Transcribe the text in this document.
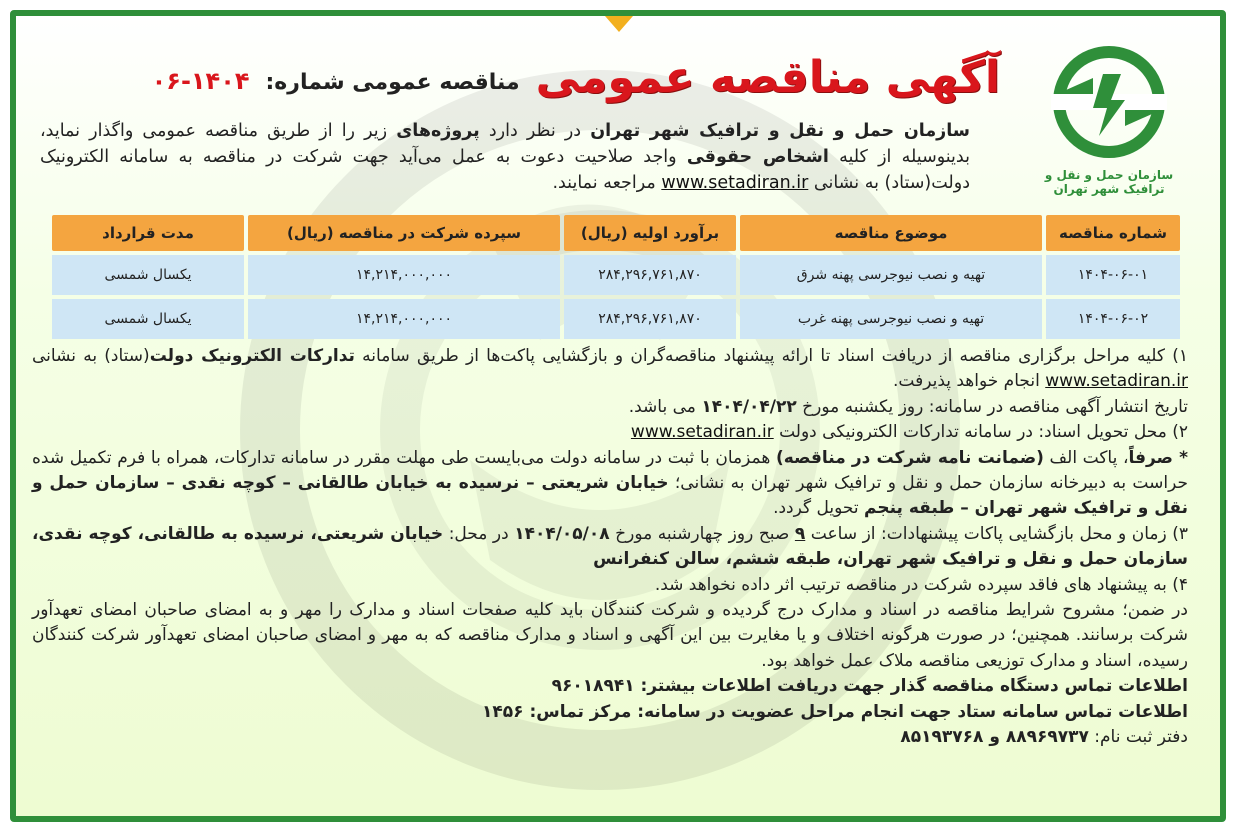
سازمان حمل و نقل و ترافیک شهر تهران
آگهی مناقصه عمومی
مناقصه عمومی شماره:
۰۶-۱۴۰۴
سازمان حمل و نقل و ترافیک شهر تهران در نظر دارد پروژه‌های زیر را از طریق مناقصه عمومی واگذار نماید، بدینوسیله از کلیه اشخاص حقوقی واجد صلاحیت دعوت به عمل می‌آید جهت شرکت در مناقصه به سامانه الکترونیک دولت(ستاد) به نشانی www.setadiran.ir مراجعه نمایند.
شماره مناقصه	موضوع مناقصه	برآورد اولیه (ریال)	سپرده شرکت در مناقصه (ریال)	مدت قرارداد
۱۴۰۴-۰۶-۰۱	تهیه و نصب نیوجرسی پهنه شرق	۲۸۴,۲۹۶,۷۶۱,۸۷۰	۱۴,۲۱۴,۰۰۰,۰۰۰	یکسال شمسی
۱۴۰۴-۰۶-۰۲	تهیه و نصب نیوجرسی پهنه غرب	۲۸۴,۲۹۶,۷۶۱,۸۷۰	۱۴,۲۱۴,۰۰۰,۰۰۰	یکسال شمسی

۱) کلیه مراحل برگزاری مناقصه از دریافت اسناد تا ارائه پیشنهاد مناقصه‌گران و بازگشایی پاکت‌ها از طریق سامانه تدارکات الکترونیک دولت(ستاد) به نشانی www.setadiran.ir انجام خواهد پذیرفت.

تاریخ انتشار آگهی مناقصه در سامانه: روز یکشنبه مورخ ۱۴۰۴/۰۴/۲۲ می باشد.

۲) محل تحویل اسناد: در سامانه تدارکات الکترونیکی دولت www.setadiran.ir

* صرفاً، پاکت الف (ضمانت نامه شرکت در مناقصه) همزمان با ثبت در سامانه دولت می‌بایست طی مهلت مقرر در سامانه تدارکات، همراه با فرم تکمیل شده حراست به دبیرخانه سازمان حمل و نقل و ترافیک شهر تهران به نشانی؛ خیابان شریعتی – نرسیده به خیابان طالقانی – کوچه نقدی – سازمان حمل و نقل و ترافیک شهر تهران – طبقه پنجم تحویل گردد.

۳) زمان و محل بازگشایی پاکات پیشنهادات: از ساعت ۹ صبح روز چهارشنبه مورخ ۱۴۰۴/۰۵/۰۸ در محل: خیابان شریعتی، نرسیده به طالقانی، کوچه نقدی، سازمان حمل و نقل و ترافیک شهر تهران، طبقه ششم، سالن کنفرانس

۴) به پیشنهاد های فاقد سپرده شرکت در مناقصه ترتیب اثر داده نخواهد شد.

در ضمن؛ مشروح شرایط مناقصه در اسناد و مدارک درج گردیده و شرکت کنندگان باید کلیه صفحات اسناد و مدارک را مهر و به امضای صاحبان امضای تعهدآور شرکت برسانند. همچنین؛ در صورت هرگونه اختلاف و یا مغایرت بین این آگهی و اسناد و مدارک مناقصه که به مهر و امضای صاحبان امضای تعهدآور شرکت کنندگان رسیده، اسناد و مدارک توزیعی مناقصه ملاک عمل خواهد بود.

اطلاعات تماس دستگاه مناقصه گذار جهت دریافت اطلاعات بیشتر: ۹۶۰۱۸۹۴۱

اطلاعات تماس سامانه ستاد جهت انجام مراحل عضویت در سامانه: مرکز تماس: ۱۴۵۶

دفتر ثبت نام: ۸۸۹۶۹۷۳۷ و ۸۵۱۹۳۷۶۸
